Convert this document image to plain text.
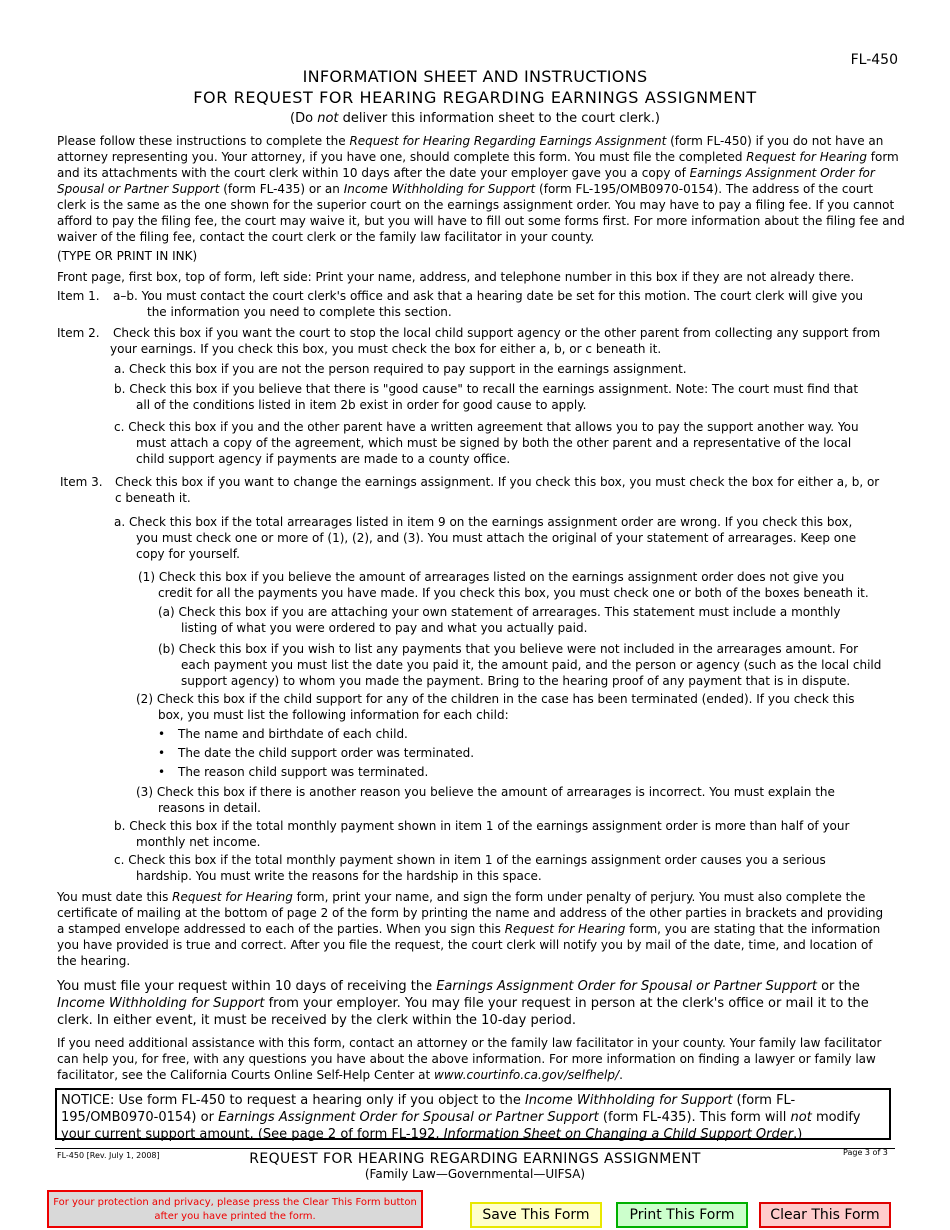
FL-450
INFORMATION SHEET AND INSTRUCTIONS
FOR REQUEST FOR HEARING REGARDING EARNINGS ASSIGNMENT
(Do not deliver this information sheet to the court clerk.)
Please follow these instructions to complete the Request for Hearing Regarding Earnings Assignment (form FL-450) if you do not have an attorney representing you. Your attorney, if you have one, should complete this form. You must file the completed Request for Hearing form and its attachments with the court clerk within 10 days after the date your employer gave you a copy of Earnings Assignment Order for Spousal or Partner Support (form FL-435) or an Income Withholding for Support (form FL-195/OMB0970-0154). The address of the court clerk is the same as the one shown for the superior court on the earnings assignment order. You may have to pay a filing fee. If you cannot afford to pay the filing fee, the court may waive it, but you will have to fill out some forms first. For more information about the filing fee and waiver of the filing fee, contact the court clerk or the family law facilitator in your county.
(TYPE OR PRINT IN INK)
Front page, first box, top of form, left side: Print your name, address, and telephone number in this box if they are not already there.
Item 1. a–b. You must contact the court clerk's office and ask that a hearing date be set for this motion. The court clerk will give you
the information you need to complete this section.
Item 2. Check this box if you want the court to stop the local child support agency or the other parent from collecting any support from
your earnings. If you check this box, you must check the box for either a, b, or c beneath it.
a. Check this box if you are not the person required to pay support in the earnings assignment.
b. Check this box if you believe that there is "good cause" to recall the earnings assignment. Note: The court must find that
all of the conditions listed in item 2b exist in order for good cause to apply.
c. Check this box if you and the other parent have a written agreement that allows you to pay the support another way. You
must attach a copy of the agreement, which must be signed by both the other parent and a representative of the local
child support agency if payments are made to a county office.
Item 3. Check this box if you want to change the earnings assignment. If you check this box, you must check the box for either a, b, or
c beneath it.
a. Check this box if the total arrearages listed in item 9 on the earnings assignment order are wrong. If you check this box,
you must check one or more of (1), (2), and (3). You must attach the original of your statement of arrearages. Keep one
copy for yourself.
(1) Check this box if you believe the amount of arrearages listed on the earnings assignment order does not give you
credit for all the payments you have made. If you check this box, you must check one or both of the boxes beneath it.
(a) Check this box if you are attaching your own statement of arrearages. This statement must include a monthly
listing of what you were ordered to pay and what you actually paid.
(b) Check this box if you wish to list any payments that you believe were not included in the arrearages amount. For
each payment you must list the date you paid it, the amount paid, and the person or agency (such as the local child
support agency) to whom you made the payment. Bring to the hearing proof of any payment that is in dispute.
(2) Check this box if the child support for any of the children in the case has been terminated (ended). If you check this
box, you must list the following information for each child:
• The name and birthdate of each child.
• The date the child support order was terminated.
• The reason child support was terminated.
(3) Check this box if there is another reason you believe the amount of arrearages is incorrect. You must explain the
reasons in detail.
b. Check this box if the total monthly payment shown in item 1 of the earnings assignment order is more than half of your
monthly net income.
c. Check this box if the total monthly payment shown in item 1 of the earnings assignment order causes you a serious
hardship. You must write the reasons for the hardship in this space.
You must date this Request for Hearing form, print your name, and sign the form under penalty of perjury. You must also complete the certificate of mailing at the bottom of page 2 of the form by printing the name and address of the other parties in brackets and providing a stamped envelope addressed to each of the parties. When you sign this Request for Hearing form, you are stating that the information you have provided is true and correct. After you file the request, the court clerk will notify you by mail of the date, time, and location of the hearing.
You must file your request within 10 days of receiving the Earnings Assignment Order for Spousal or Partner Support or the Income Withholding for Support from your employer. You may file your request in person at the clerk's office or mail it to the clerk. In either event, it must be received by the clerk within the 10-day period.
If you need additional assistance with this form, contact an attorney or the family law facilitator in your county. Your family law facilitator can help you, for free, with any questions you have about the above information. For more information on finding a lawyer or family law facilitator, see the California Courts Online Self-Help Center at www.courtinfo.ca.gov/selfhelp/.
NOTICE: Use form FL-450 to request a hearing only if you object to the Income Withholding for Support (form FL-195/OMB0970-0154) or Earnings Assignment Order for Spousal or Partner Support (form FL-435). This form will not modify your current support amount. (See page 2 of form FL-192, Information Sheet on Changing a Child Support Order.)
FL-450 [Rev. July 1, 2008]	Page 3 of 3
REQUEST FOR HEARING REGARDING EARNINGS ASSIGNMENT
(Family Law—Governmental—UIFSA)
For your protection and privacy, please press the Clear This Form button after you have printed the form.	Save This Form	Print This Form	Clear This Form
